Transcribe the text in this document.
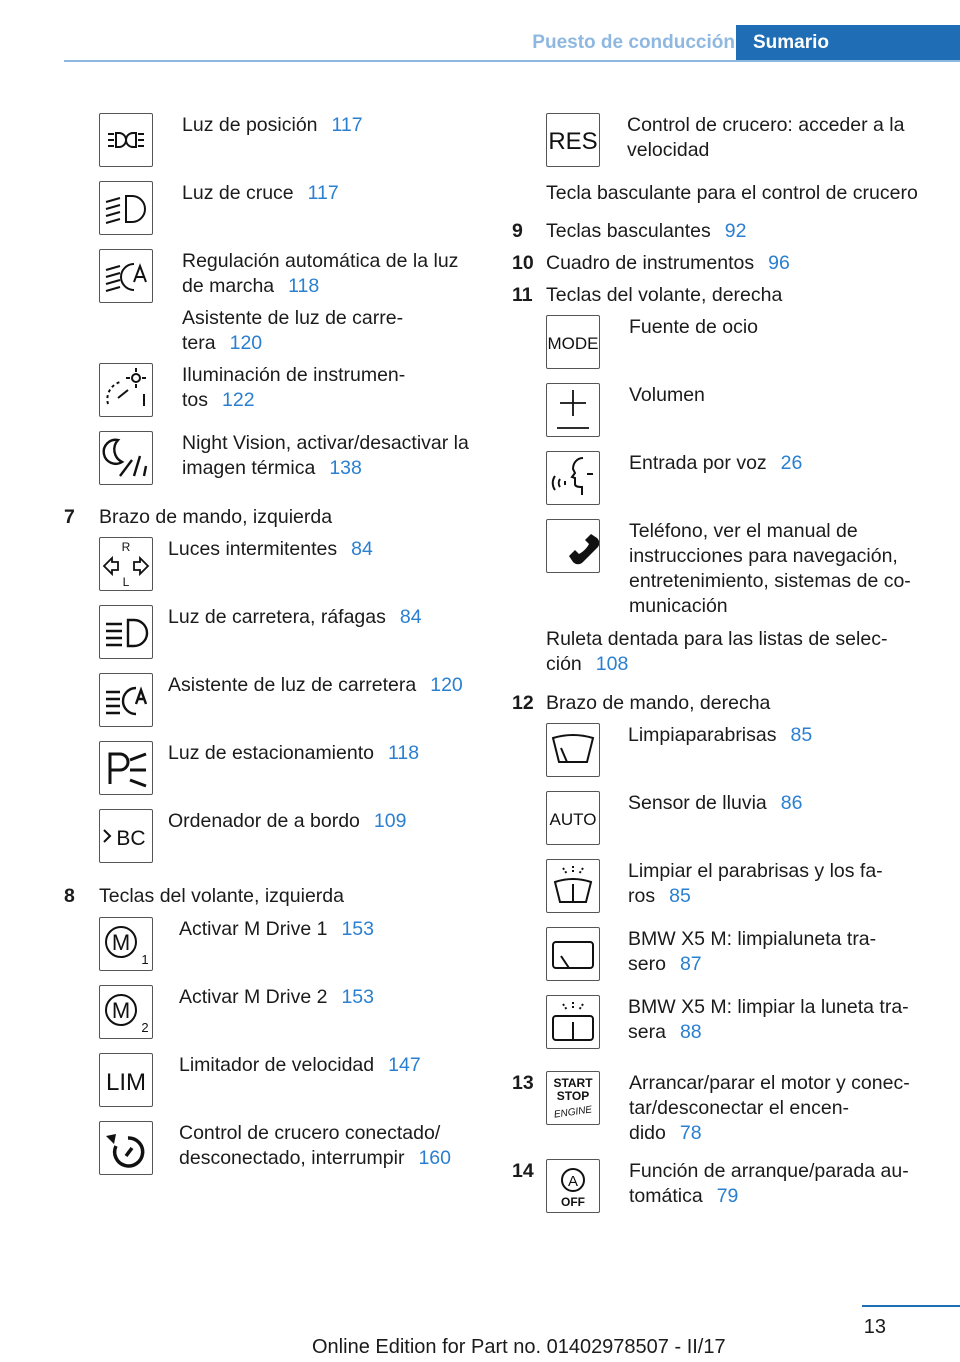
Puesto de conducción Sumario
Luz de posición 117
Luz de cruce 117
Regulación automática de la luz
de marcha 118
Asistente de luz de carre-
tera 120
Iluminación de instrumen-
tos 122
Night Vision, activar/desactivar la
imagen térmica 138
7 Brazo de mando, izquierda
R
L
Luces intermitentes 84
Luz de carretera, ráfagas 84
Asistente de luz de carretera 120
Luz de estacionamiento 118
BC
Ordenador de a bordo 109
8 Teclas del volante, izquierda
M
1
Activar M Drive 1 153
M
2
Activar M Drive 2 153
LIM
Limitador de velocidad 147
Control de crucero conectado/
desconectado, interrumpir 160
RES
Control de crucero: acceder a la
velocidad
Tecla basculante para el control de crucero
9 Teclas basculantes 92
10 Cuadro de instrumentos 96
11 Teclas del volante, derecha
MODE
Fuente de ocio
Volumen
Entrada por voz 26
Teléfono, ver el manual de
instrucciones para navegación,
entretenimiento, sistemas de co-
municación
Ruleta dentada para las listas de selec-
ción 108
12 Brazo de mando, derecha
Limpiaparabrisas 85
AUTO
Sensor de lluvia 86
Limpiar el parabrisas y los fa-
ros 85
BMW X5 M: limpialuneta tra-
sero 87
BMW X5 M: limpiar la luneta tra-
sera 88
13 START
STOP
ENGINE
Arrancar/parar el motor y conec-
tar/desconectar el encen-
dido 78
14 A
OFF
Función de arranque/parada au-
tomática 79
13
Online Edition for Part no. 01402978507 - II/17
